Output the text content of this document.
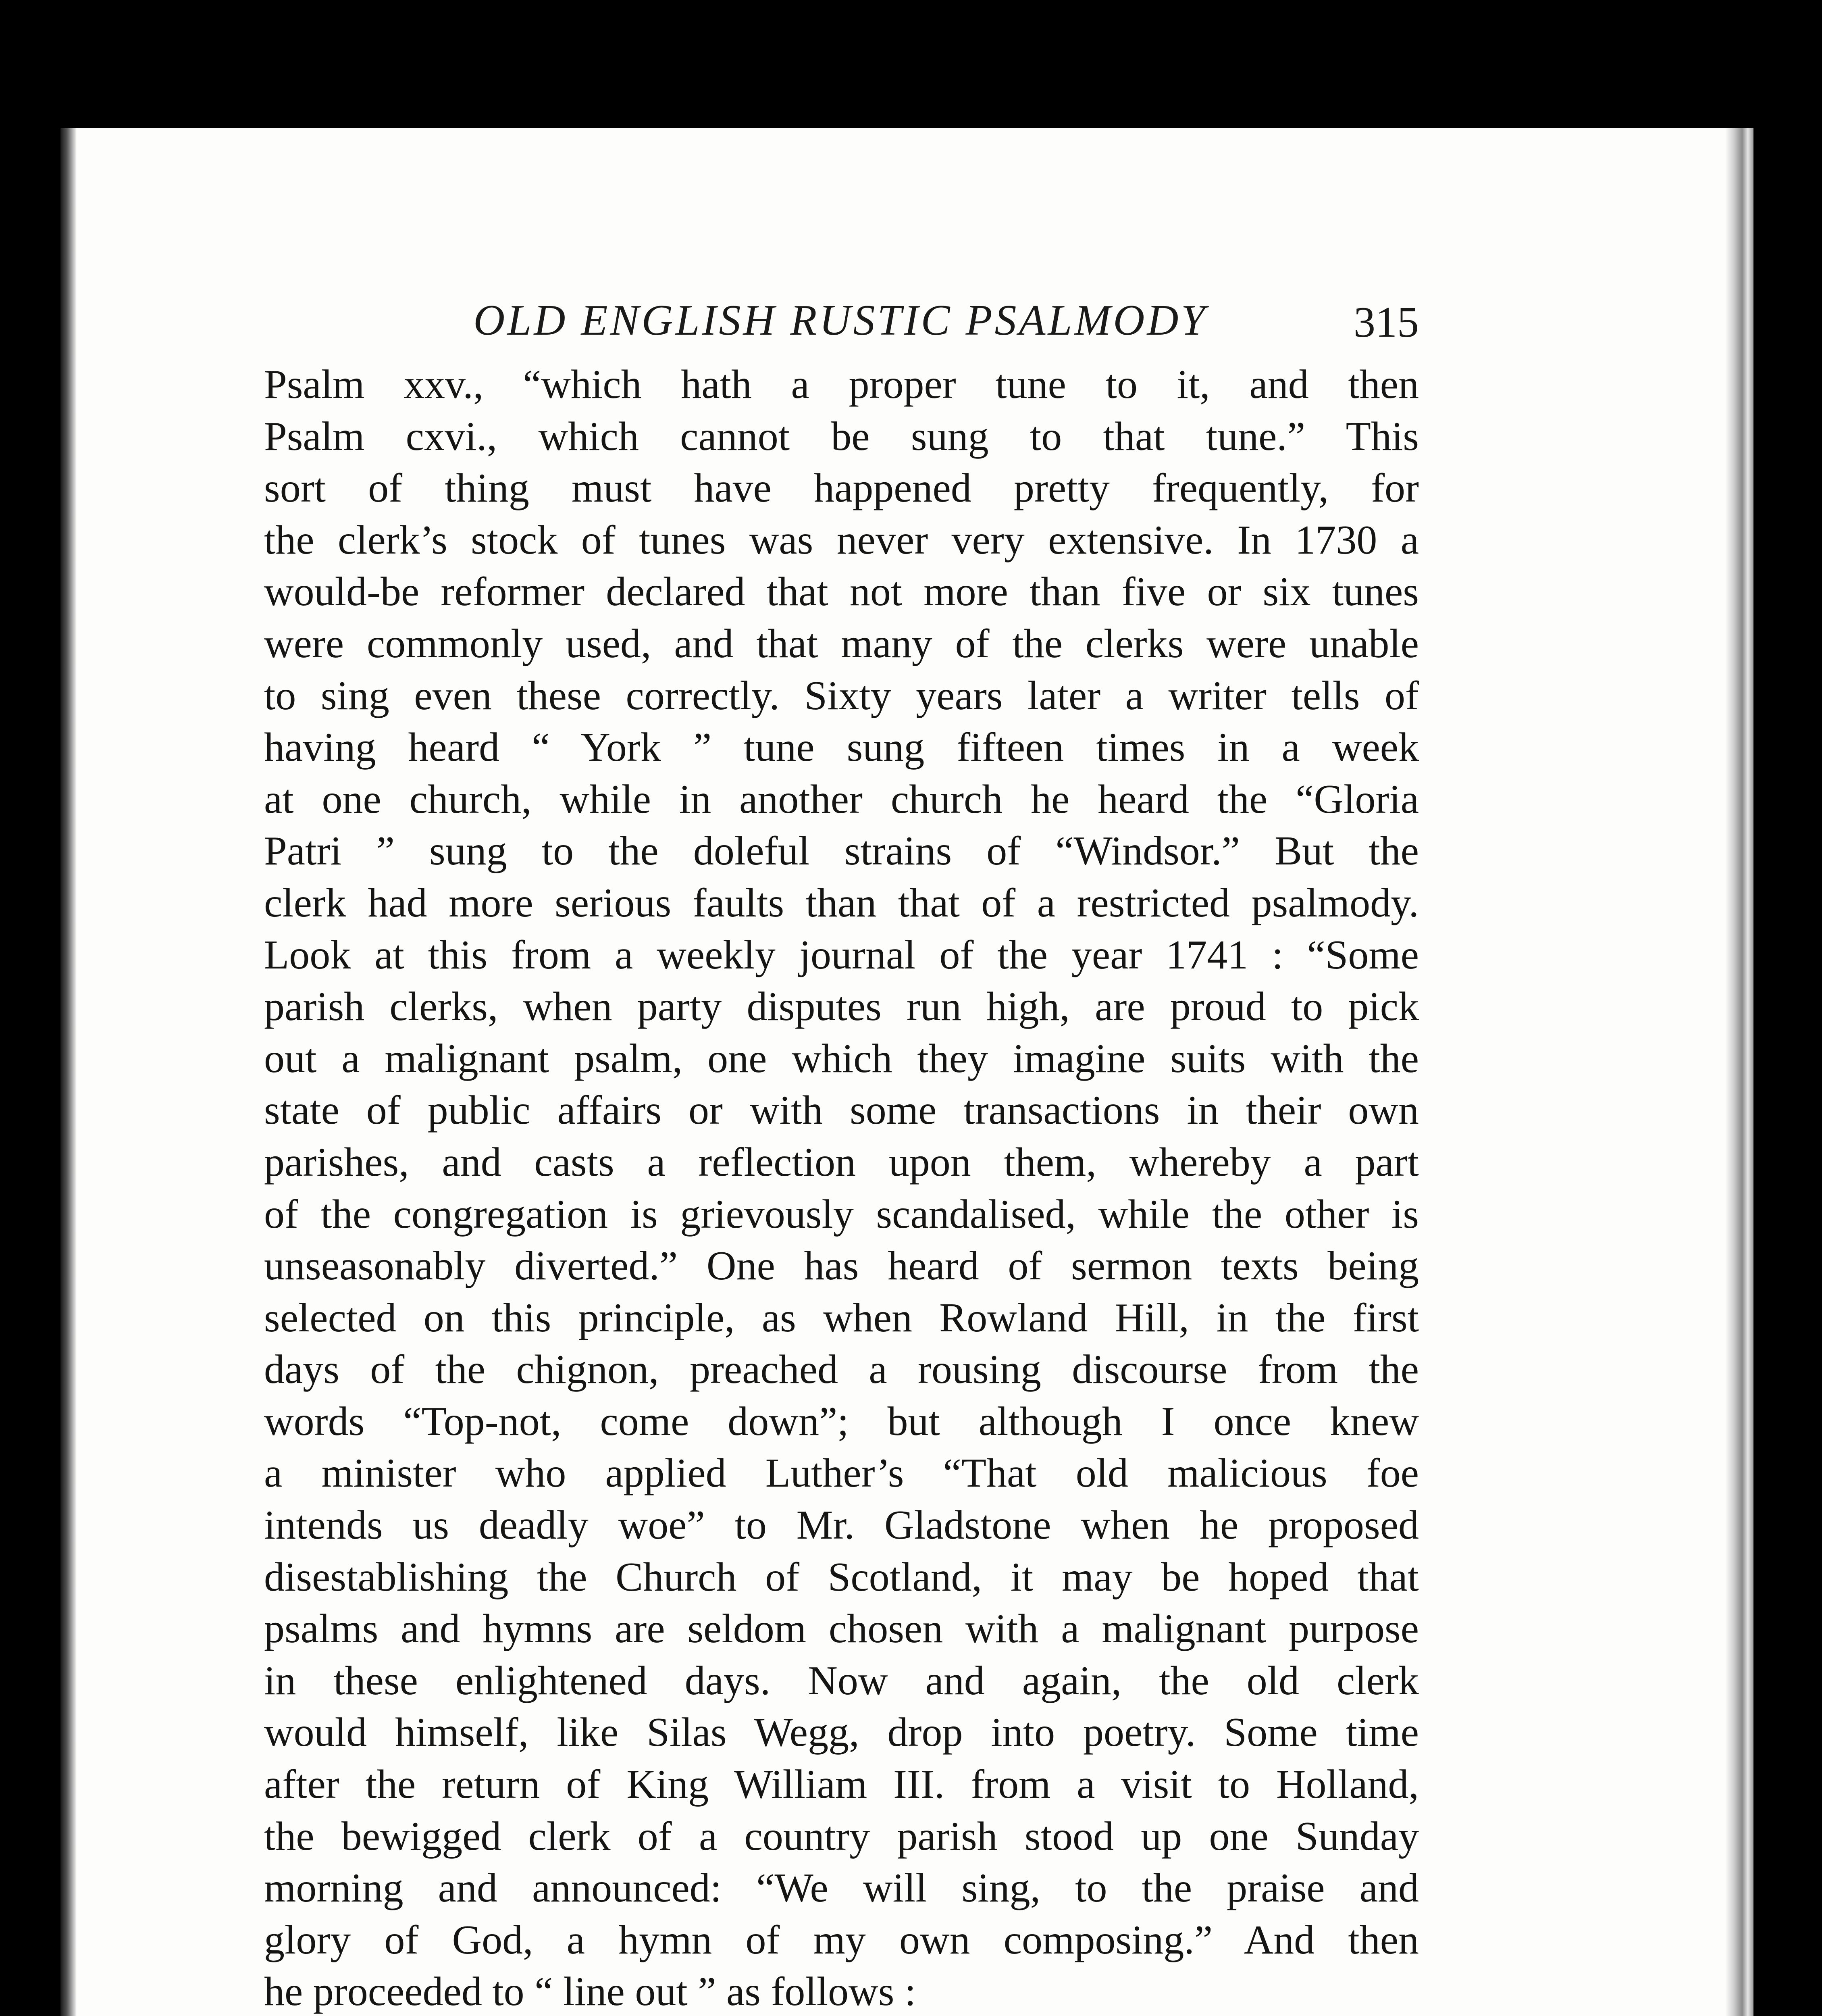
OLD ENGLISH RUSTIC PSALMODY	315
Psalm xxv., “which hath a proper tune to it, and then
Psalm cxvi., which cannot be sung to that tune.” This
sort of thing must have happened pretty frequently, for
the clerk’s stock of tunes was never very extensive. In 1730 a
would-be reformer declared that not more than five or six tunes
were commonly used, and that many of the clerks were unable
to sing even these correctly. Sixty years later a writer tells of
having heard “ York ” tune sung fifteen times in a week
at one church, while in another church he heard the “Gloria
Patri ” sung to the doleful strains of “Windsor.” But the
clerk had more serious faults than that of a restricted psalmody.
Look at this from a weekly journal of the year 1741 : “Some
parish clerks, when party disputes run high, are proud to pick
out a malignant psalm, one which they imagine suits with the
state of public affairs or with some transactions in their own
parishes, and casts a reflection upon them, whereby a part
of the congregation is grievously scandalised, while the other is
unseasonably diverted.” One has heard of sermon texts being
selected on this principle, as when Rowland Hill, in the first
days of the chignon, preached a rousing discourse from the
words “Top-not, come down”; but although I once knew
a minister who applied Luther’s “That old malicious foe
intends us deadly woe” to Mr. Gladstone when he proposed
disestablishing the Church of Scotland, it may be hoped that
psalms and hymns are seldom chosen with a malignant purpose
in these enlightened days. Now and again, the old clerk
would himself, like Silas Wegg, drop into poetry. Some time
after the return of King William III. from a visit to Holland,
the bewigged clerk of a country parish stood up one Sunday
morning and announced: “We will sing, to the praise and
glory of God, a hymn of my own composing.” And then
he proceeded to “ line out ” as follows :
